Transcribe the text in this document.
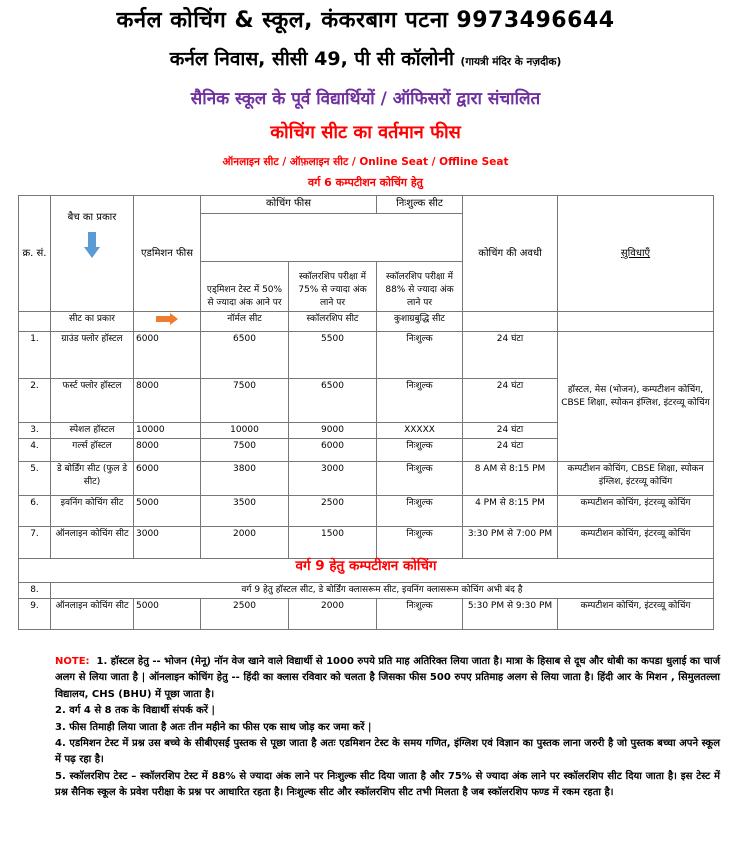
कर्नल कोचिंग & स्कूल, कंकरबाग पटना 9973496644
कर्नल निवास, सीसी 49, पी सी कॉलोनी (गायत्री मंदिर के नज़दीक)
सैनिक स्कूल के पूर्व विद्यार्थियों / ऑफिसरों द्वारा संचालित
कोचिंग सीट का वर्तमान फीस
ऑनलाइन सीट / ऑफ़लाइन सीट / Online Seat / Offline Seat
वर्ग 6 कम्पटीशन कोचिंग हेतु
क्र. सं.	बैच का प्रकार	एडमिशन फीस	कोचिंग फीस		निःशुल्क सीट	कोचिंग की अवधी	सुविधाएँ

			एड्मिशन टेस्ट में 50% से ज्यादा अंक आने पर	स्कॉलरशिप परीक्षा में 75% से ज्यादा अंक लाने पर	स्कॉलरशिप परीक्षा में 88% से ज्यादा अंक लाने पर		
	सीट का प्रकार		नॉर्मल सीट	स्कॉलरशिप सीट	कुशाग्रबुद्धि सीट		
1.	ग्राउंड फ्लोर हॉस्टल	6000	6500	5500	निःशुल्क	24 घंटा	हॉस्टल, मेस (भोजन), कम्पटीशन कोचिंग, CBSE शिक्षा, स्पोकन इंग्लिश, इंटरव्यू कोचिंग
2.	फर्स्ट फ्लोर हॉस्टल	8000	7500	6500	निःशुल्क	24 घंटा	
3.	स्पेशल हॉस्टल	10000	10000	9000	XXXXX	24 घंटा	
4.	गर्ल्स हॉस्टल	8000	7500	6000	निःशुल्क	24 घंटा	
5.	डे बोर्डिंग सीट (फुल डे सीट)	6000	3800	3000	निःशुल्क	8 AM से 8:15 PM	कम्पटीशन कोचिंग, CBSE शिक्षा, स्पोकन इंग्लिश, इंटरव्यू कोचिंग
6.	इवनिंग कोचिंग सीट	5000	3500	2500	निःशुल्क	4 PM से 8:15 PM	कम्पटीशन कोचिंग, इंटरव्यू कोचिंग
7.	ऑनलाइन कोचिंग सीट	3000	2000	1500	निःशुल्क	3:30 PM से 7:00 PM	कम्पटीशन कोचिंग, इंटरव्यू कोचिंग
वर्ग 9 हेतु कम्पटीशन कोचिंग							
8.	वर्ग 9 हेतु हॉस्टल सीट, डे बोर्डिंग क्लासरूम सीट, इवनिंग क्लासरूम कोचिंग अभी बंद है						
9.	ऑनलाइन कोचिंग सीट	5000	2500	2000	निःशुल्क	5:30 PM से 9:30 PM	कम्पटीशन कोचिंग, इंटरव्यू कोचिंग

NOTE: 1. हॉस्टल हेतु -- भोजन (मेनू) नॉन वेज खाने वाले विद्यार्थी से 1000 रुपये प्रति माह अतिरिक्त लिया जाता है। मात्रा के हिसाब से दूध और धोबी का कपडा धुलाई का चार्ज अलग से लिया जाता है | ऑनलाइन कोचिंग हेतु -- हिंदी का क्लास रविवार को चलता है जिसका फीस 500 रुपए प्रतिमाह अलग से लिया जाता है। हिंदी आर के मिशन , सिमुलतल्ला विद्यालय, CHS (BHU) में पूछा जाता है।

2. वर्ग 4 से 8 तक के विद्यार्थी संपर्क करें |

3. फीस तिमाही लिया जाता है अतः तीन महीने का फीस एक साथ जोड़ कर जमा करें |

4. एडमिशन टेस्ट में प्रश्न उस बच्चे के सीबीएसई पुस्तक से पूछा जाता है अतः एडमिशन टेस्ट के समय गणित, इंग्लिश एवं विज्ञान का पुस्तक लाना जरुरी है जो पुस्तक बच्चा अपने स्कूल में पढ़ रहा है।

5. स्कॉलरशिप टेस्ट – स्कॉलरशिप टेस्ट में 88% से ज्यादा अंक लाने पर निःशुल्क सीट दिया जाता है और 75% से ज्यादा अंक लाने पर स्कॉलरशिप सीट दिया जाता है। इस टेस्ट में प्रश्न सैनिक स्कूल के प्रवेश परीक्षा के प्रश्न पर आधारित रहता है। निःशुल्क सीट और स्कॉलरशिप सीट तभी मिलता है जब स्कॉलरशिप फण्ड में रकम रहता है।
